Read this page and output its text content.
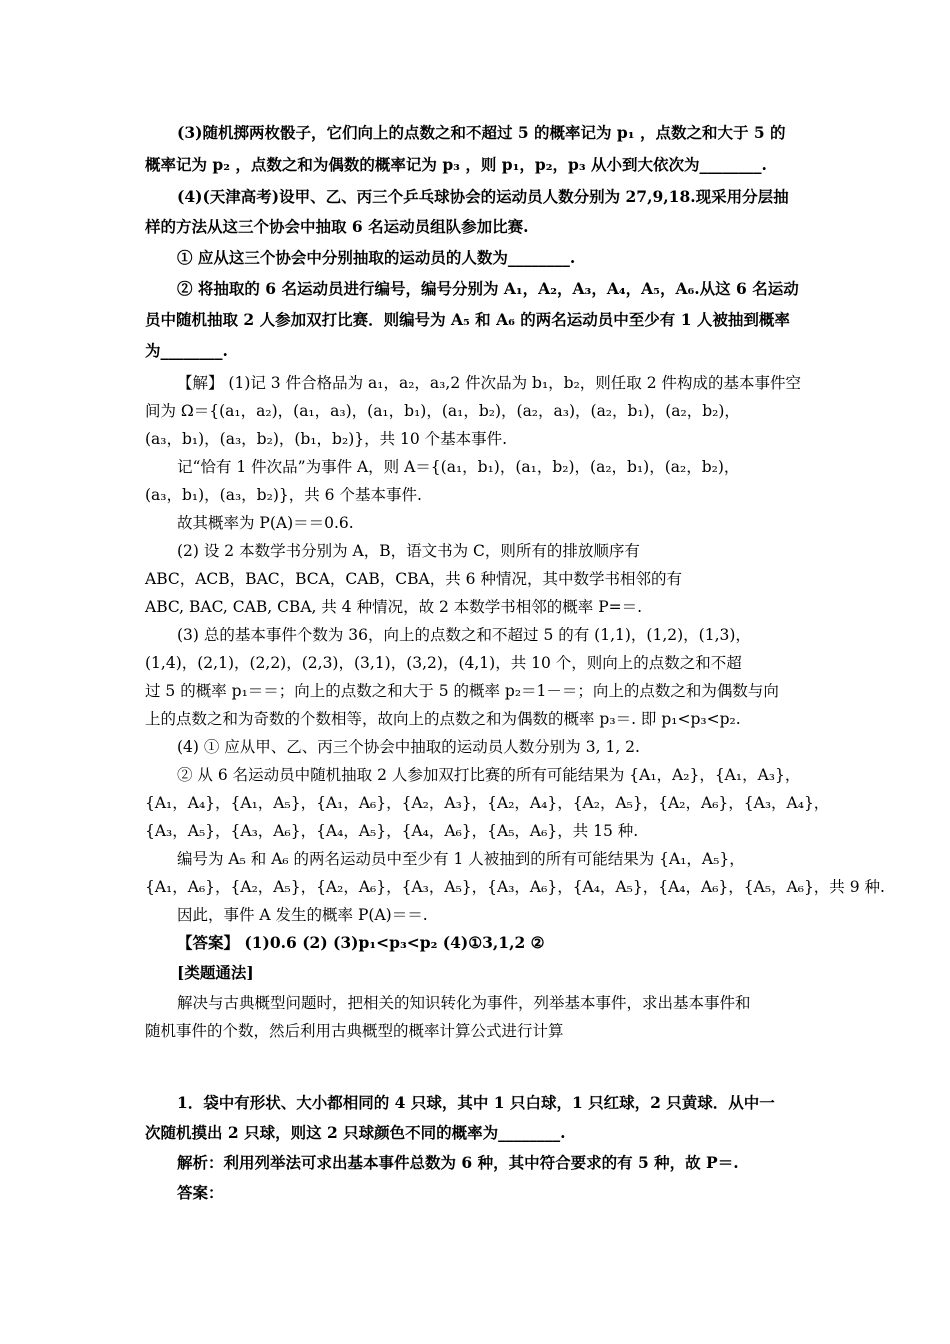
(3)随机掷两枚骰子，它们向上的点数之和不超过 5 的概率记为 p₁ ，点数之和大于 5 的
概率记为 p₂ ，点数之和为偶数的概率记为 p₃ ，则 p₁，p₂，p₃ 从小到大依次为________.
(4)(天津高考)设甲、乙、丙三个乒乓球协会的运动员人数分别为 27,9,18.现采用分层抽
样的方法从这三个协会中抽取 6 名运动员组队参加比赛.
① 应从这三个协会中分别抽取的运动员的人数为________.
② 将抽取的 6 名运动员进行编号，编号分别为 A₁，A₂，A₃，A₄，A₅，A₆.从这 6 名运动
员中随机抽取 2 人参加双打比赛．则编号为 A₅ 和 A₆ 的两名运动员中至少有 1 人被抽到概率
为________.
【解】 (1)记 3 件合格品为 a₁，a₂，a₃,2 件次品为 b₁，b₂，则任取 2 件构成的基本事件空
间为 Ω＝{(a₁，a₂)，(a₁，a₃)，(a₁，b₁)，(a₁，b₂)，(a₂，a₃)，(a₂，b₁)，(a₂，b₂)，
(a₃，b₁)，(a₃，b₂)，(b₁，b₂)}，共 10 个基本事件.
记“恰有 1 件次品”为事件 A，则 A＝{(a₁，b₁)，(a₁，b₂)，(a₂，b₁)，(a₂，b₂)，
(a₃，b₁)，(a₃，b₂)}，共 6 个基本事件.
故其概率为 P(A)＝＝0.6.
(2) 设 2 本数学书分别为 A，B，语文书为 C，则所有的排放顺序有
ABC，ACB，BAC，BCA，CAB，CBA，共 6 种情况，其中数学书相邻的有
ABC, BAC, CAB, CBA, 共 4 种情况，故 2 本数学书相邻的概率 P=＝.
(3) 总的基本事件个数为 36，向上的点数之和不超过 5 的有 (1,1)，(1,2)，(1,3)，
(1,4)，(2,1)，(2,2)，(2,3)，(3,1)，(3,2)，(4,1)，共 10 个，则向上的点数之和不超
过 5 的概率 p₁＝＝；向上的点数之和大于 5 的概率 p₂＝1－＝；向上的点数之和为偶数与向
上的点数之和为奇数的个数相等，故向上的点数之和为偶数的概率 p₃＝. 即 p₁<p₃<p₂.
(4) ① 应从甲、乙、丙三个协会中抽取的运动员人数分别为 3, 1, 2.
② 从 6 名运动员中随机抽取 2 人参加双打比赛的所有可能结果为 {A₁，A₂}，{A₁，A₃}，
{A₁，A₄}，{A₁，A₅}，{A₁，A₆}，{A₂，A₃}，{A₂，A₄}，{A₂，A₅}，{A₂，A₆}，{A₃，A₄}，
{A₃，A₅}，{A₃，A₆}，{A₄，A₅}，{A₄，A₆}，{A₅，A₆}，共 15 种.
编号为 A₅ 和 A₆ 的两名运动员中至少有 1 人被抽到的所有可能结果为 {A₁，A₅}，
{A₁，A₆}，{A₂，A₅}，{A₂，A₆}，{A₃，A₅}，{A₃，A₆}，{A₄，A₅}，{A₄，A₆}，{A₅，A₆}，共 9 种.
因此，事件 A 发生的概率 P(A)＝＝.
【答案】 (1)0.6 (2) (3)p₁<p₃<p₂ (4)①3,1,2 ②
[类题通法]
解决与古典概型问题时，把相关的知识转化为事件，列举基本事件，求出基本事件和
随机事件的个数，然后利用古典概型的概率计算公式进行计算
1．袋中有形状、大小都相同的 4 只球，其中 1 只白球，1 只红球，2 只黄球．从中一
次随机摸出 2 只球，则这 2 只球颜色不同的概率为________.
解析：利用列举法可求出基本事件总数为 6 种，其中符合要求的有 5 种，故 P＝.
答案：
